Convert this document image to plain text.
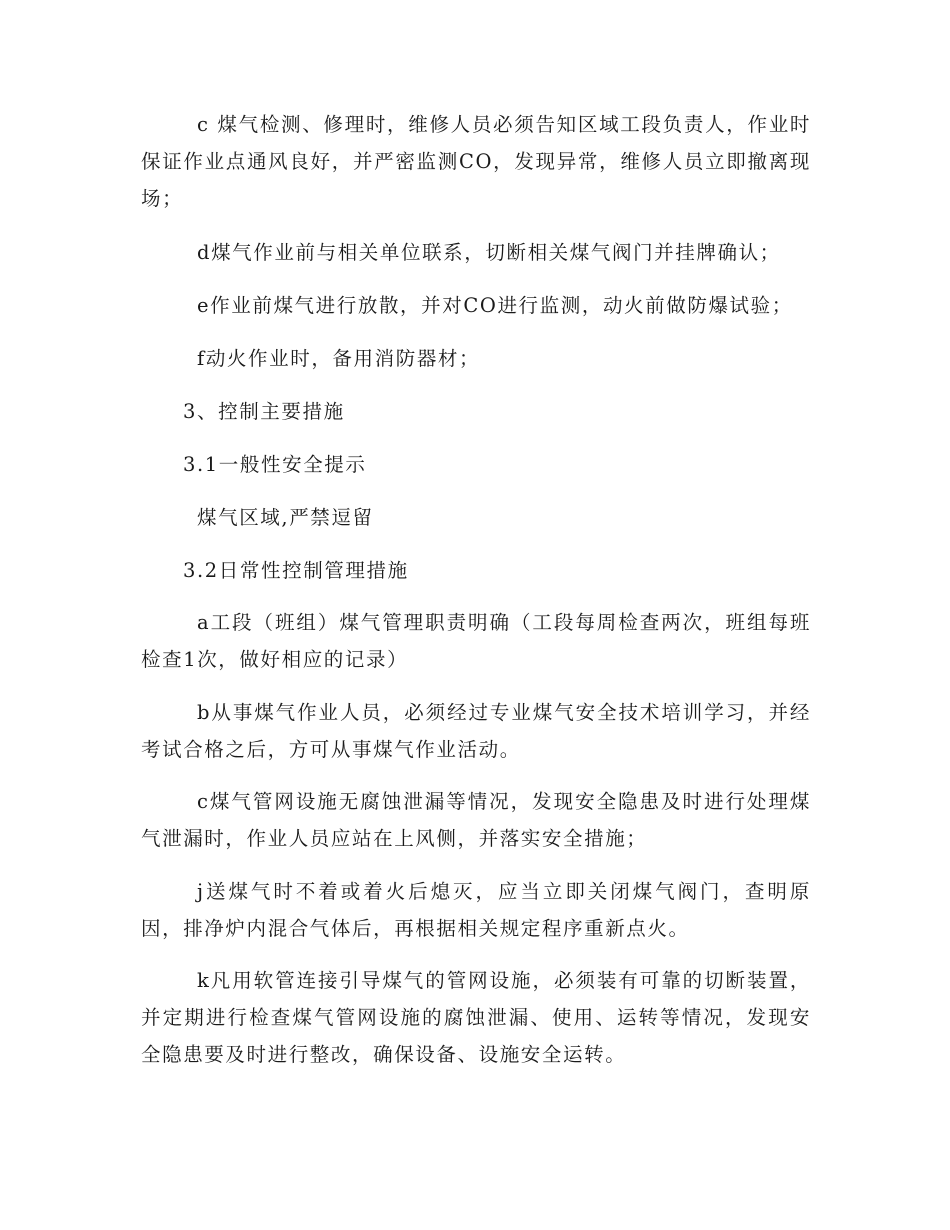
c 煤气检测、修理时，维修人员必须告知区域工段负责人，作业时保证作业点通风良好，并严密监测CO，发现异常，维修人员立即撤离现场；

d煤气作业前与相关单位联系，切断相关煤气阀门并挂牌确认；

e作业前煤气进行放散，并对CO进行监测，动火前做防爆试验；

f动火作业时，备用消防器材；

3、控制主要措施

3.1一般性安全提示

煤气区域,严禁逗留

3.2日常性控制管理措施

a工段（班组）煤气管理职责明确（工段每周检查两次，班组每班检查1次，做好相应的记录）

b从事煤气作业人员，必须经过专业煤气安全技术培训学习，并经考试合格之后，方可从事煤气作业活动。

c煤气管网设施无腐蚀泄漏等情况，发现安全隐患及时进行处理煤气泄漏时，作业人员应站在上风侧，并落实安全措施；

j送煤气时不着或着火后熄灭，应当立即关闭煤气阀门，查明原因，排净炉内混合气体后，再根据相关规定程序重新点火。

k凡用软管连接引导煤气的管网设施，必须装有可靠的切断装置，并定期进行检查煤气管网设施的腐蚀泄漏、使用、运转等情况，发现安全隐患要及时进行整改，确保设备、设施安全运转。
